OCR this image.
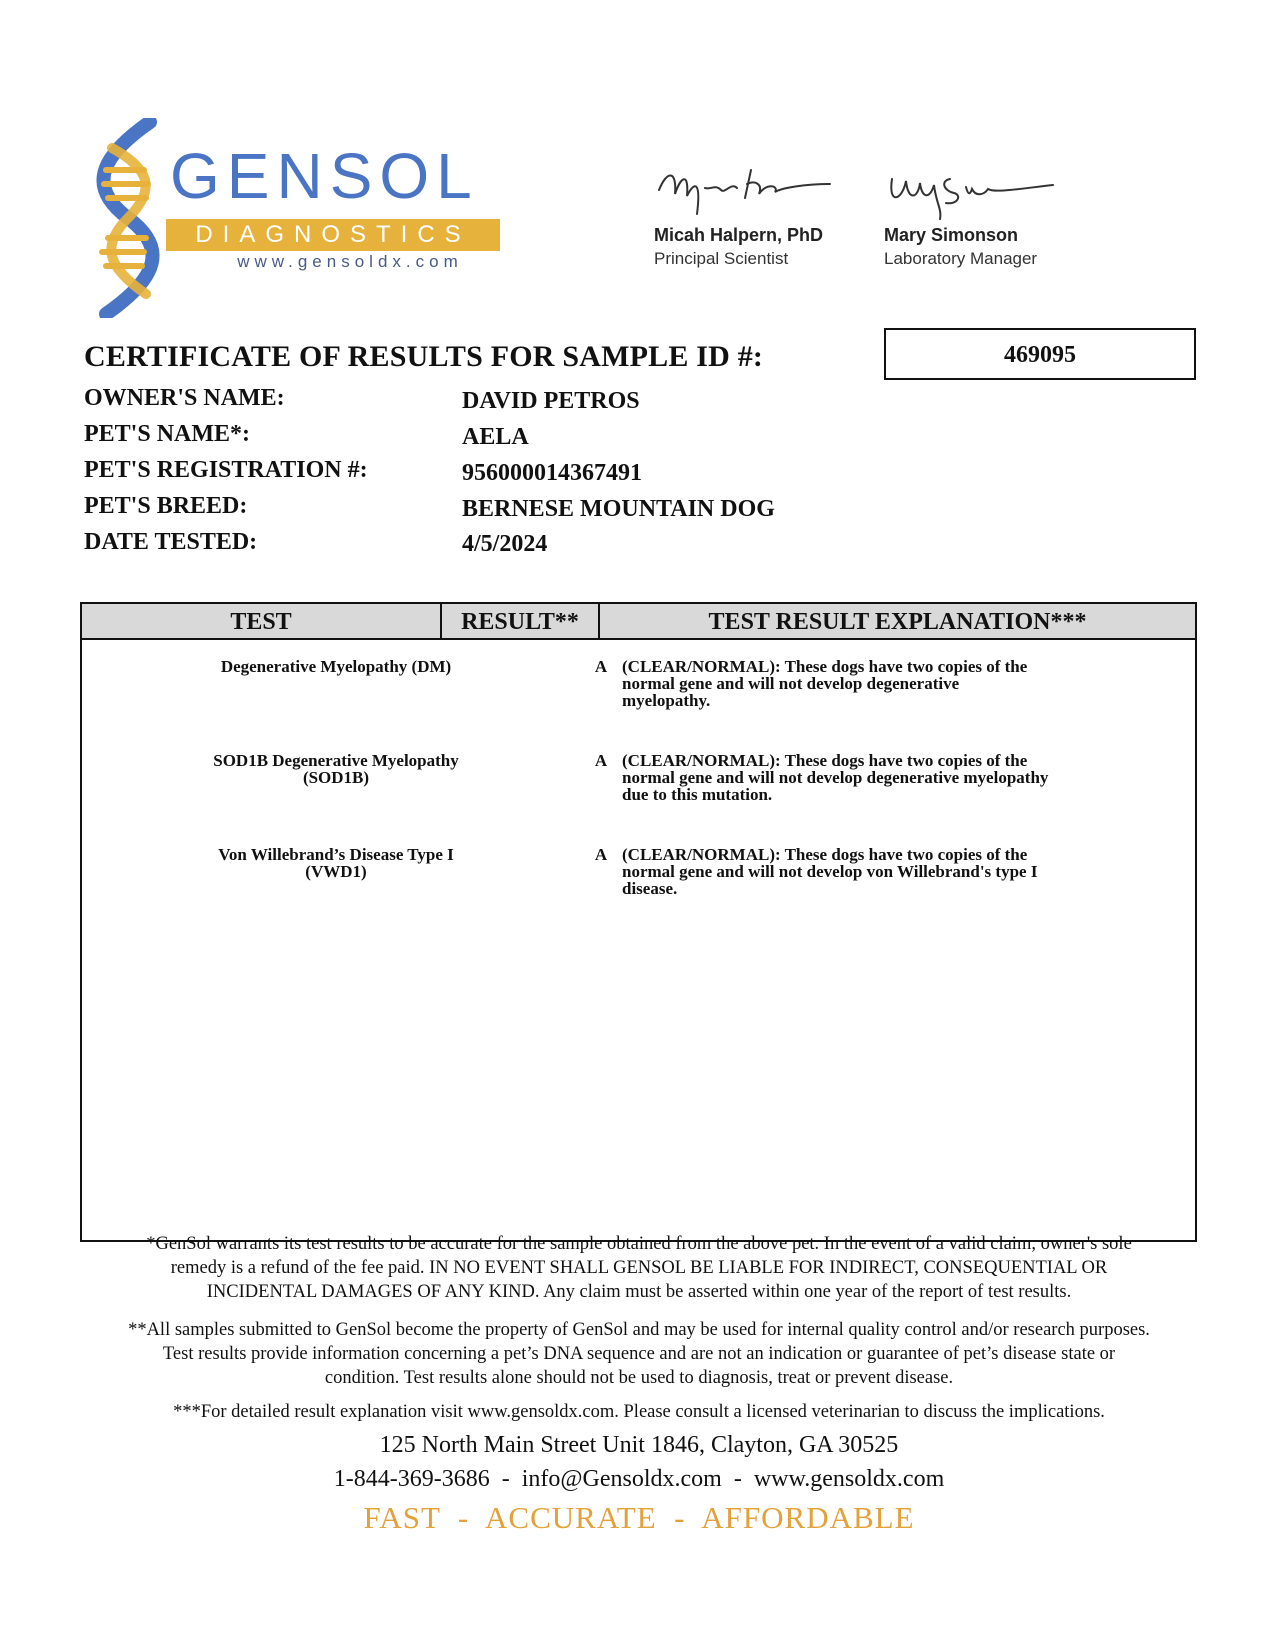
GENSOL
DIAGNOSTICS
www.gensoldx.com
Micah Halpern, PhD
Principal Scientist
Mary Simonson
Laboratory Manager
CERTIFICATE OF RESULTS FOR SAMPLE ID #:	469095
OWNER'S NAME:	DAVID PETROS
PET'S NAME*:	AELA
PET'S REGISTRATION #:	956000014367491
PET'S BREED:	BERNESE MOUNTAIN DOG
DATE TESTED:	4/5/2024
TEST	RESULT**	TEST RESULT EXPLANATION***
Degenerative Myelopathy (DM)	A (CLEAR/NORMAL): These dogs have two copies of the
normal gene and will not develop degenerative
myelopathy.
SOD1B Degenerative Myelopathy
(SOD1B)
A (CLEAR/NORMAL): These dogs have two copies of the
normal gene and will not develop degenerative myelopathy
due to this mutation.
Von Willebrand’s Disease Type I
(VWD1)
A (CLEAR/NORMAL): These dogs have two copies of the
normal gene and will not develop von Willebrand's type I
disease.
*GenSol warrants its test results to be accurate for the sample obtained from the above pet. In the event of a valid claim, owner's sole
remedy is a refund of the fee paid. IN NO EVENT SHALL GENSOL BE LIABLE FOR INDIRECT, CONSEQUENTIAL OR
INCIDENTAL DAMAGES OF ANY KIND. Any claim must be asserted within one year of the report of test results.
**All samples submitted to GenSol become the property of GenSol and may be used for internal quality control and/or research purposes.
Test results provide information concerning a pet’s DNA sequence and are not an indication or guarantee of pet’s disease state or
condition. Test results alone should not be used to diagnosis, treat or prevent disease.
***For detailed result explanation visit www.gensoldx.com. Please consult a licensed veterinarian to discuss the implications.
125 North Main Street Unit 1846, Clayton, GA 30525
1-844-369-3686 - info@Gensoldx.com - www.gensoldx.com
FAST  -  ACCURATE  -  AFFORDABLE
